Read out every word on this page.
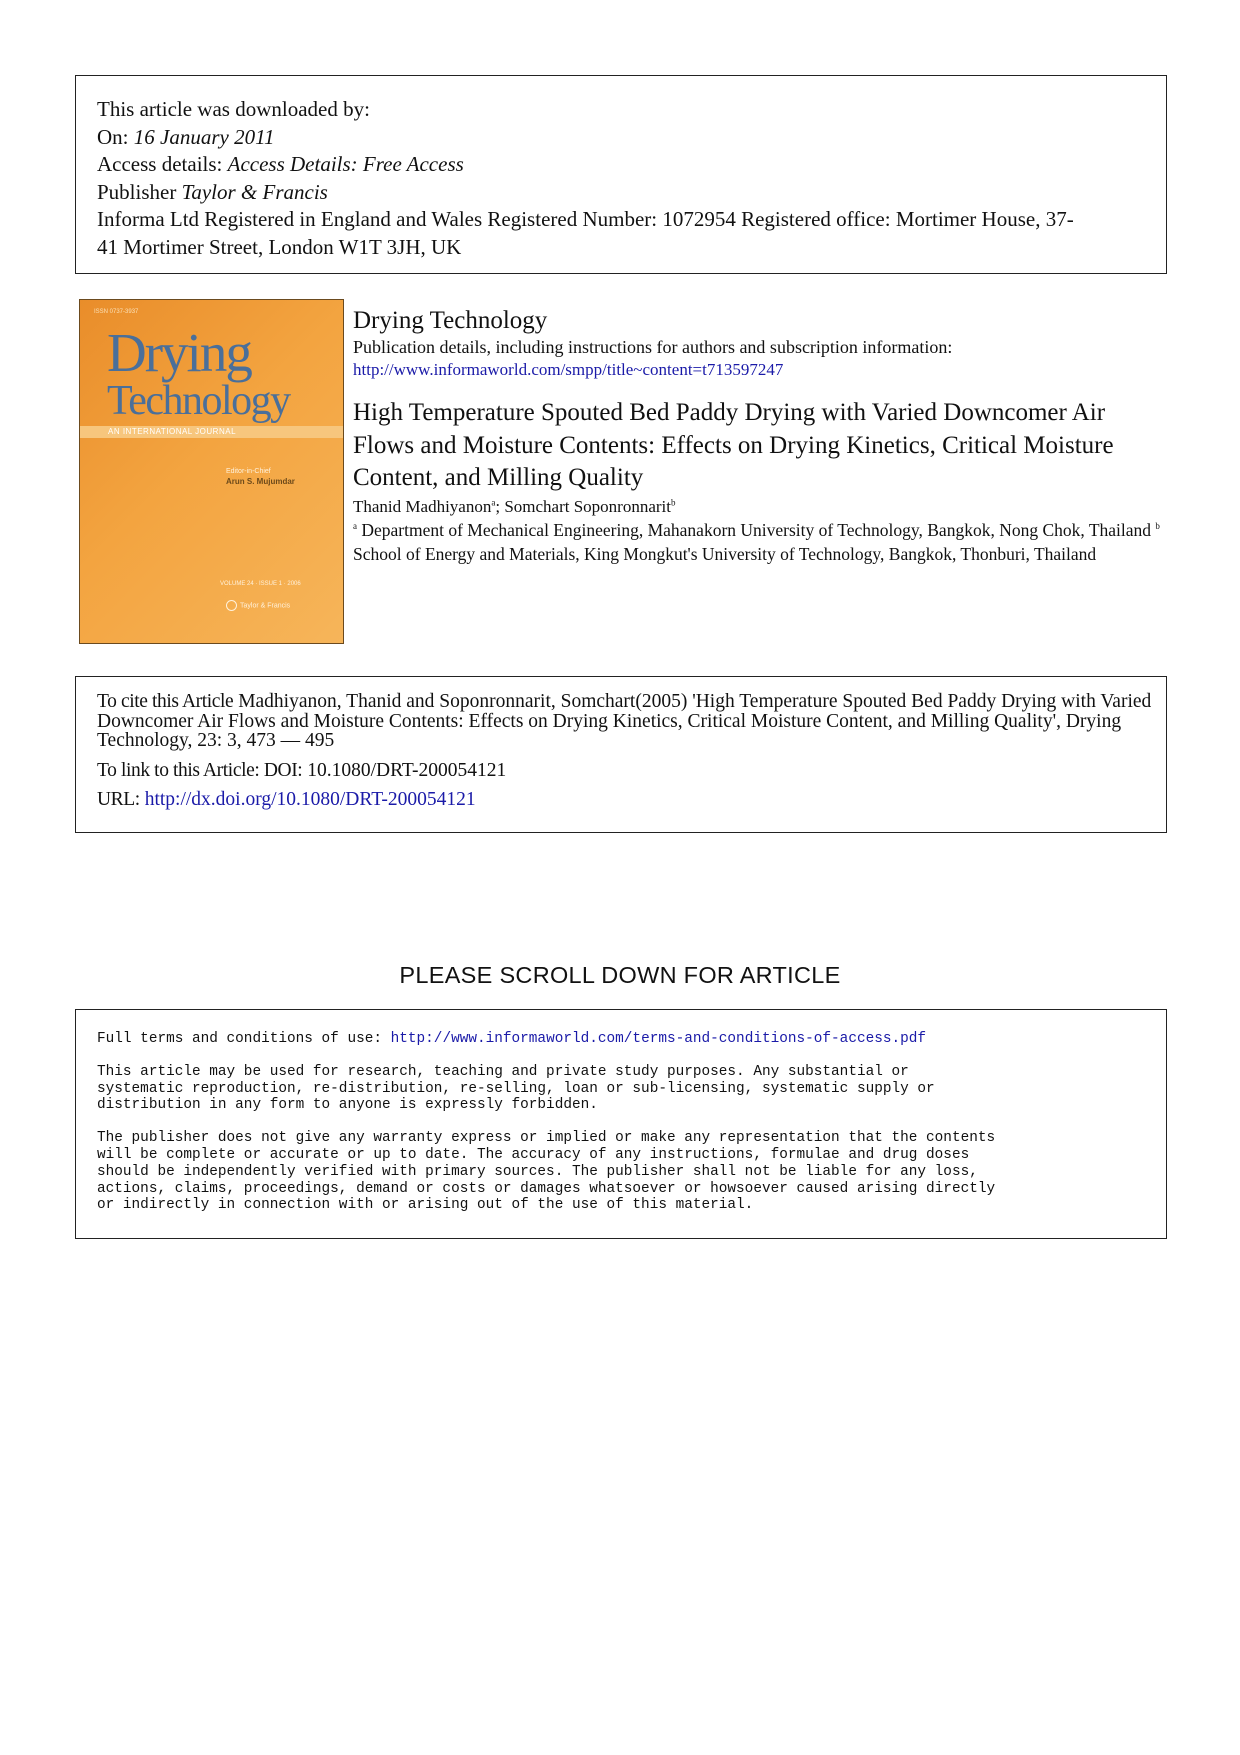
This article was downloaded by:
On: 16 January 2011
Access details: Access Details: Free Access
Publisher Taylor & Francis
Informa Ltd Registered in England and Wales Registered Number: 1072954 Registered office: Mortimer House, 37-
41 Mortimer Street, London W1T 3JH, UK
ISSN 0737-3937
Drying
Technology
AN INTERNATIONAL JOURNAL
Editor-in-Chief
Arun S. Mujumdar
VOLUME 24 · ISSUE 1 · 2006
Taylor & Francis
Drying Technology
Publication details, including instructions for authors and subscription information:
http://www.informaworld.com/smpp/title~content=t713597247
High Temperature Spouted Bed Paddy Drying with Varied Downcomer Air Flows and Moisture Contents: Effects on Drying Kinetics, Critical Moisture Content, and Milling Quality
Thanid Madhiyanon$^a$; Somchart Soponronnarit$^b$
$^a$ Department of Mechanical Engineering, Mahanakorn University of Technology, Bangkok, Nong Chok, Thailand $^b$ School of Energy and Materials, King Mongkut's University of Technology, Bangkok, Thonburi, Thailand
To cite this Article Madhiyanon, Thanid and Soponronnarit, Somchart(2005) 'High Temperature Spouted Bed Paddy Drying with Varied Downcomer Air Flows and Moisture Contents: Effects on Drying Kinetics, Critical Moisture Content, and Milling Quality', Drying Technology, 23: 3, 473 — 495
To link to this Article: DOI: 10.1080/DRT-200054121
URL: http://dx.doi.org/10.1080/DRT-200054121
PLEASE SCROLL DOWN FOR ARTICLE

Full terms and conditions of use: http://www.informaworld.com/terms-and-conditions-of-access.pdf

This article may be used for research, teaching and private study purposes. Any substantial or
systematic reproduction, re-distribution, re-selling, loan or sub-licensing, systematic supply or
distribution in any form to anyone is expressly forbidden.

The publisher does not give any warranty express or implied or make any representation that the contents
will be complete or accurate or up to date. The accuracy of any instructions, formulae and drug doses
should be independently verified with primary sources. The publisher shall not be liable for any loss,
actions, claims, proceedings, demand or costs or damages whatsoever or howsoever caused arising directly
or indirectly in connection with or arising out of the use of this material.
